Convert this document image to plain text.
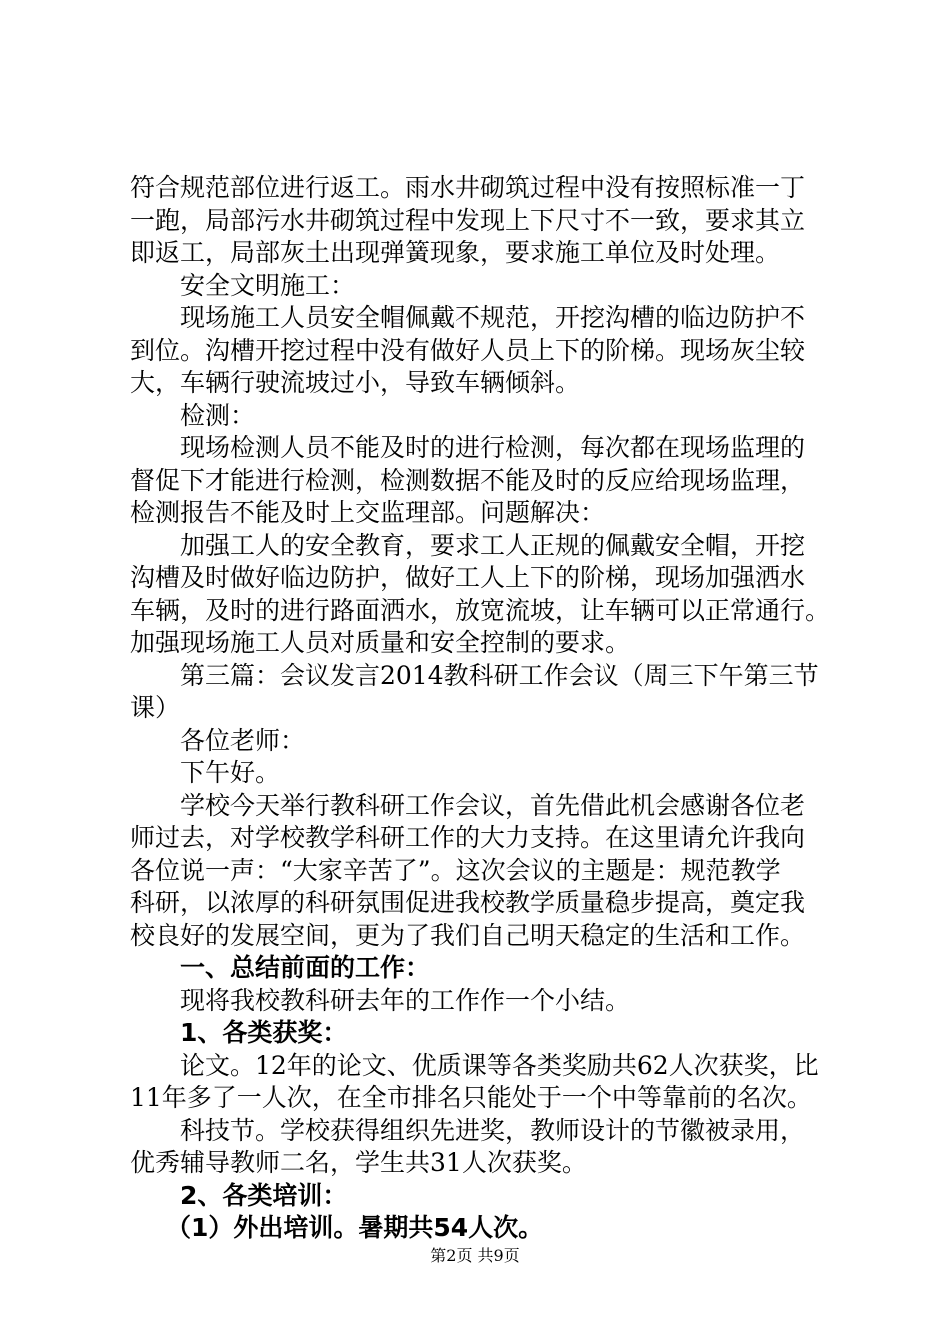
符合规范部位进行返工。雨水井砌筑过程中没有按照标准一丁
一跑，局部污水井砌筑过程中发现上下尺寸不一致，要求其立
即返工，局部灰土出现弹簧现象，要求施工单位及时处理。
安全文明施工：
现场施工人员安全帽佩戴不规范，开挖沟槽的临边防护不
到位。沟槽开挖过程中没有做好人员上下的阶梯。现场灰尘较
大，车辆行驶流坡过小，导致车辆倾斜。
检测：
现场检测人员不能及时的进行检测，每次都在现场监理的
督促下才能进行检测，检测数据不能及时的反应给现场监理，
检测报告不能及时上交监理部。问题解决：
加强工人的安全教育，要求工人正规的佩戴安全帽，开挖
沟槽及时做好临边防护，做好工人上下的阶梯，现场加强洒水
车辆，及时的进行路面洒水，放宽流坡，让车辆可以正常通行。
加强现场施工人员对质量和安全控制的要求。
第三篇：会议发言2014教科研工作会议（周三下午第三节
课）
各位老师：
下午好。
学校今天举行教科研工作会议，首先借此机会感谢各位老
师过去，对学校教学科研工作的大力支持。在这里请允许我向
各位说一声：“大家辛苦了”。这次会议的主题是：规范教学
科研，以浓厚的科研氛围促进我校教学质量稳步提高，奠定我
校良好的发展空间，更为了我们自己明天稳定的生活和工作。
一、总结前面的工作：
现将我校教科研去年的工作作一个小结。
1、各类获奖：
论文。12年的论文、优质课等各类奖励共62人次获奖，比
11年多了一人次，在全市排名只能处于一个中等靠前的名次。
科技节。学校获得组织先进奖，教师设计的节徽被录用，
优秀辅导教师二名，学生共31人次获奖。
2、各类培训：
（1）外出培训。暑期共54人次。
第2页 共9页
